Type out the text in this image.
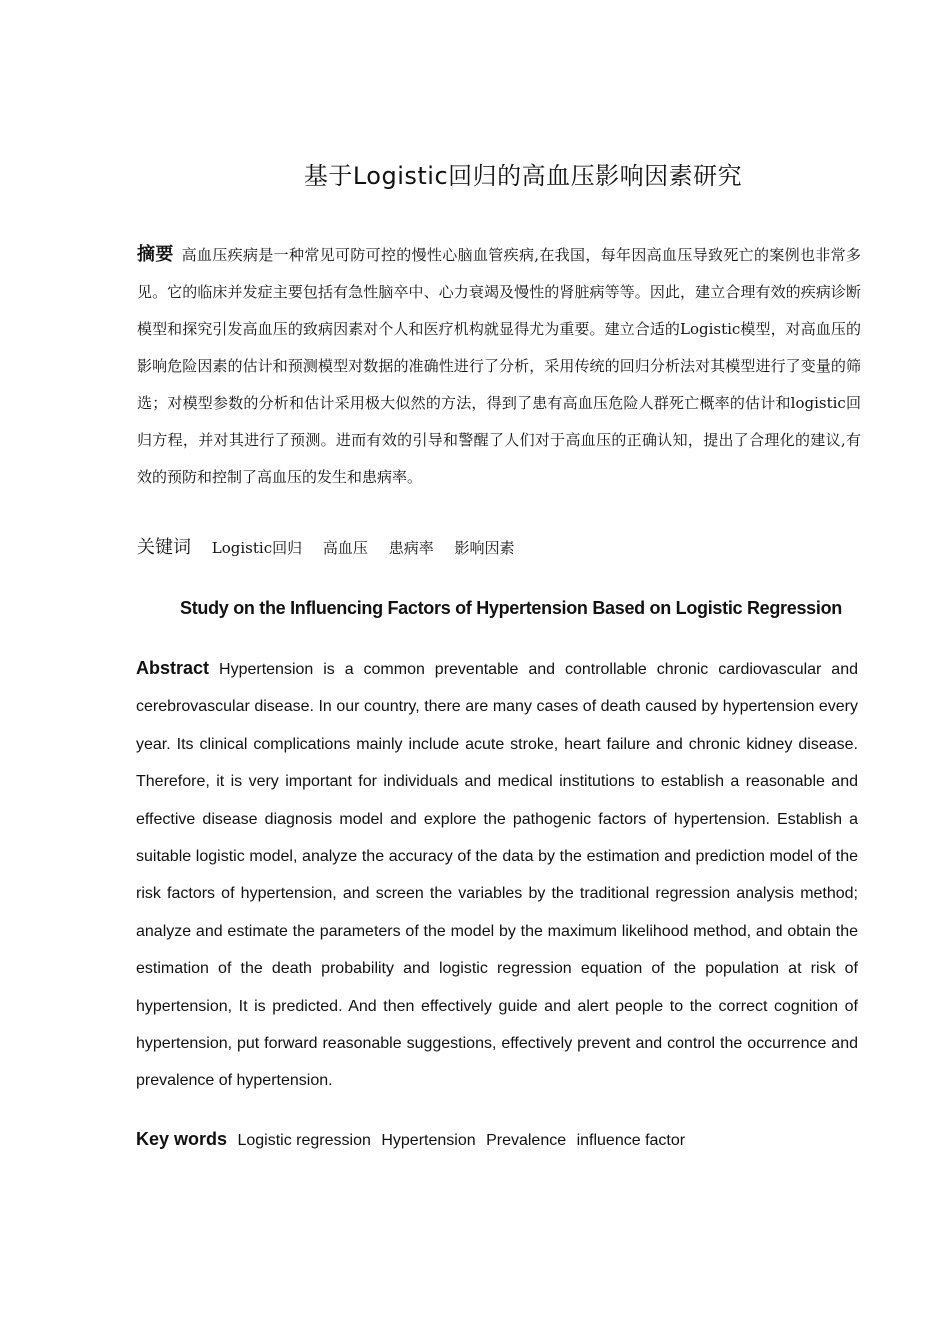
基于Logistic回归的高血压影响因素研究

摘要 高血压疾病是一种常见可防可控的慢性心脑血管疾病,在我国，每年因高血压导致死亡的案例也非常多见。它的临床并发症主要包括有急性脑卒中、心力衰竭及慢性的肾脏病等等。因此，建立合理有效的疾病诊断模型和探究引发高血压的致病因素对个人和医疗机构就显得尤为重要。建立合适的Logistic模型，对高血压的影响危险因素的估计和预测模型对数据的准确性进行了分析，采用传统的回归分析法对其模型进行了变量的筛选；对模型参数的分析和估计采用极大似然的方法，得到了患有高血压危险人群死亡概率的估计和logistic回归方程，并对其进行了预测。进而有效的引导和警醒了人们对于高血压的正确认知，提出了合理化的建议,有效的预防和控制了高血压的发生和患病率。

关键词 Logistic回归 高血压 患病率 影响因素

Study on the Influencing Factors of Hypertension Based on Logistic Regression

Abstract Hypertension is a common preventable and controllable chronic cardiovascular and cerebrovascular disease. In our country, there are many cases of death caused by hypertension every year. Its clinical complications mainly include acute stroke, heart failure and chronic kidney disease. Therefore, it is very important for individuals and medical institutions to establish a reasonable and effective disease diagnosis model and explore the pathogenic factors of hypertension. Establish a suitable logistic model, analyze the accuracy of the data by the estimation and prediction model of the risk factors of hypertension, and screen the variables by the traditional regression analysis method; analyze and estimate the parameters of the model by the maximum likelihood method, and obtain the estimation of the death probability and logistic regression equation of the population at risk of hypertension, It is predicted. And then effectively guide and alert people to the correct cognition of hypertension, put forward reasonable suggestions, effectively prevent and control the occurrence and prevalence of hypertension.

Key words Logistic regression Hypertension Prevalence influence factor
